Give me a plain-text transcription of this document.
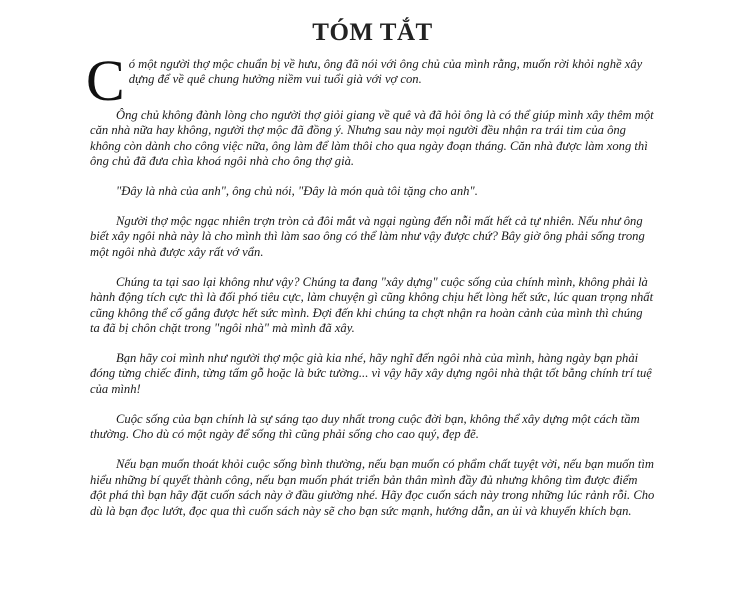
TÓM TẮT

Có một người thợ mộc chuẩn bị về hưu, ông đã nói với ông chủ của mình rằng, muốn rời khỏi nghề xây dựng để về quê chung hưởng niềm vui tuổi già với vợ con.

Ông chủ không đành lòng cho người thợ giỏi giang về quê và đã hỏi ông là có thể giúp mình xây thêm một căn nhà nữa hay không, người thợ mộc đã đồng ý. Nhưng sau này mọi người đều nhận ra trái tim của ông không còn dành cho công việc nữa, ông làm để làm thôi cho qua ngày đoạn tháng. Căn nhà được làm xong thì ông chủ đã đưa chìa khoá ngôi nhà cho ông thợ già.

"Đây là nhà của anh", ông chủ nói, "Đây là món quà tôi tặng cho anh".

Người thợ mộc ngạc nhiên trợn tròn cả đôi mắt và ngại ngùng đến nỗi mất hết cả tự nhiên. Nếu như ông biết xây ngôi nhà này là cho mình thì làm sao ông có thể làm như vậy được chứ? Bây giờ ông phải sống trong một ngôi nhà được xây rất vớ vẩn.

Chúng ta tại sao lại không như vậy? Chúng ta đang "xây dựng" cuộc sống của chính mình, không phải là hành động tích cực thì là đối phó tiêu cực, làm chuyện gì cũng không chịu hết lòng hết sức, lúc quan trọng nhất cũng không thể cố gắng được hết sức mình. Đợi đến khi chúng ta chợt nhận ra hoàn cảnh của mình thì chúng ta đã bị chôn chặt trong "ngôi nhà" mà mình đã xây.

Bạn hãy coi mình như người thợ mộc già kia nhé, hãy nghĩ đến ngôi nhà của mình, hàng ngày bạn phải đóng từng chiếc đinh, từng tấm gỗ hoặc là bức tường... vì vậy hãy xây dựng ngôi nhà thật tốt bằng chính trí tuệ của mình!

Cuộc sống của bạn chính là sự sáng tạo duy nhất trong cuộc đời bạn, không thể xây dựng một cách tầm thường. Cho dù có một ngày để sống thì cũng phải sống cho cao quý, đẹp đẽ.

Nếu bạn muốn thoát khỏi cuộc sống bình thường, nếu bạn muốn có phẩm chất tuyệt vời, nếu bạn muốn tìm hiểu những bí quyết thành công, nếu bạn muốn phát triển bản thân mình đầy đủ nhưng không tìm được điểm đột phá thì bạn hãy đặt cuốn sách này ở đầu giường nhé. Hãy đọc cuốn sách này trong những lúc rảnh rỗi. Cho dù là bạn đọc lướt, đọc qua thì cuốn sách này sẽ cho bạn sức mạnh, hướng dẫn, an ủi và khuyến khích bạn.
